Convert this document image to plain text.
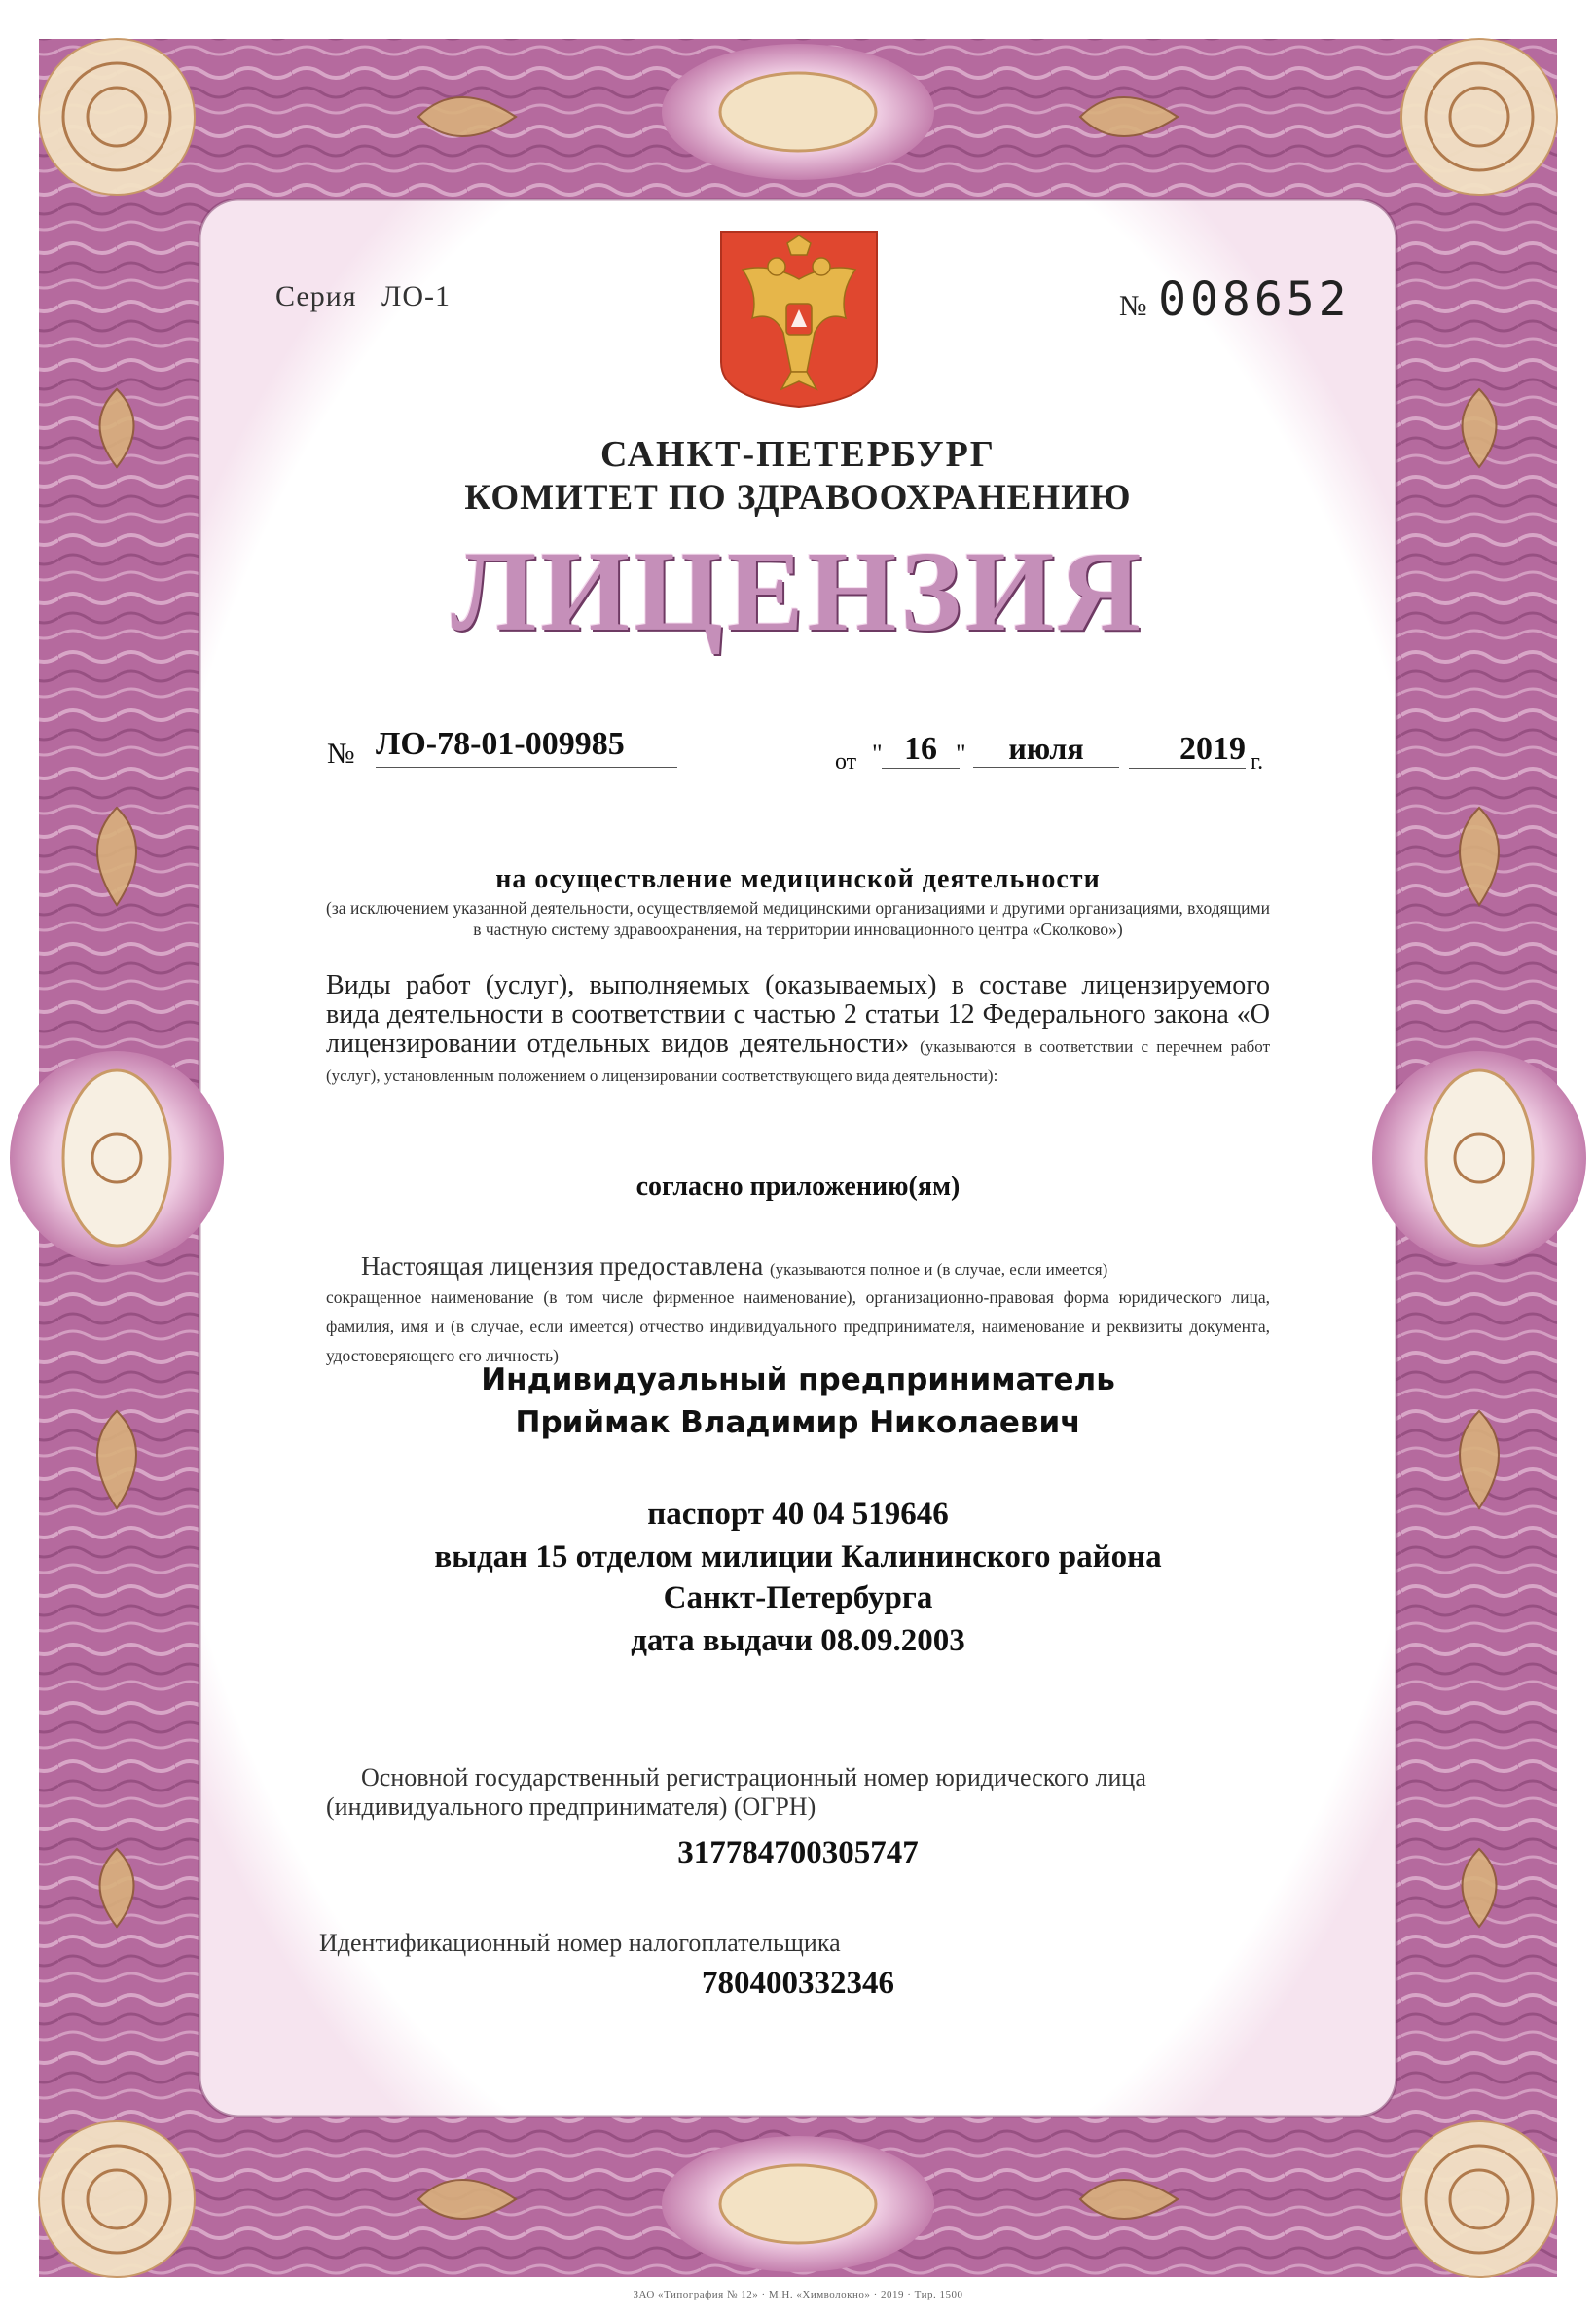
Серия ЛО-1	№ 008652
САНКТ-ПЕТЕРБУРГ
КОМИТЕТ ПО ЗДРАВООХРАНЕНИЮ
ЛИЦЕНЗИЯ
№ ЛО-78-01-009985	от " 16 "	июля	2019 г.
на осуществление медицинской деятельности
(за исключением указанной деятельности, осуществляемой медицинскими организациями и другими организациями, входящими в частную систему здравоохранения, на территории инновационного центра «Сколково»)
Виды работ (услуг), выполняемых (оказываемых) в составе лицензируемого вида деятельности в соответствии с частью 2 статьи 12 Федерального закона «О лицензировании отдельных видов деятельности» (указываются в соответствии с перечнем работ (услуг), установленным положением о лицензировании соответствующего вида деятельности):
согласно приложению(ям)
Настоящая лицензия предоставлена (указываются полное и (в случае, если имеется)
сокращенное наименование (в том числе фирменное наименование), организационно-правовая форма юридического лица, фамилия, имя и (в случае, если имеется) отчество индивидуального предпринимателя, наименование и реквизиты документа, удостоверяющего его личность)
Индивидуальный предприниматель
Приймак Владимир Николаевич
паспорт 40 04 519646
выдан 15 отделом милиции Калининского района
Санкт-Петербурга
дата выдачи 08.09.2003
Основной государственный регистрационный номер юридического лица (индивидуального предпринимателя) (ОГРН)
317784700305747
Идентификационный номер налогоплательщика
780400332346
ЗАО «Типография № 12» · М.Н. «Химволокно» · 2019 · Тир. 1500
